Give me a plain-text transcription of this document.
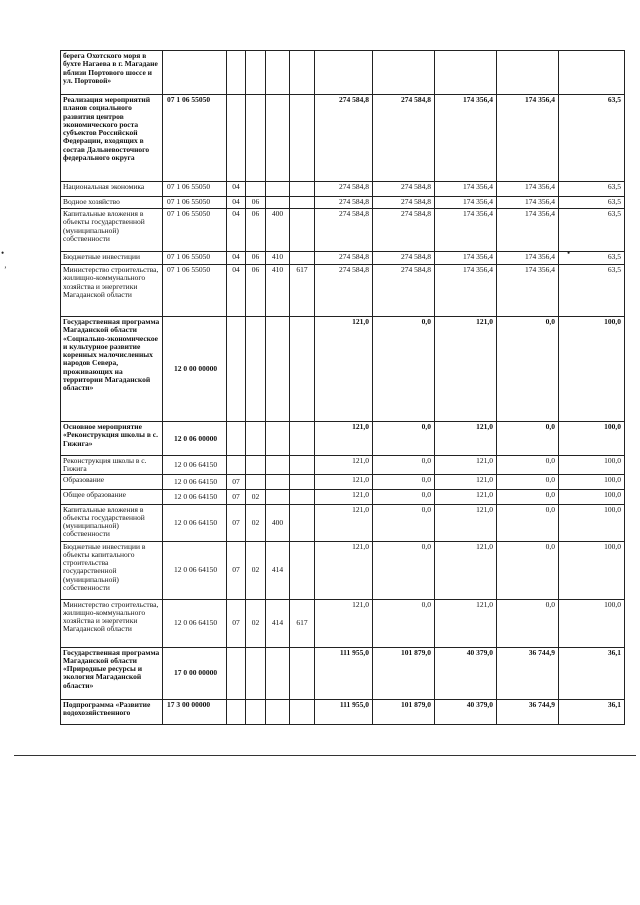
берега Охотского моря в бухте Нагаева в г. Магадане вблизи Портового шоссе и ул. Портовой»										
Реализация мероприятий планов социального развития центров экономического роста субъектов Российской Федерации, входящих в состав Дальневосточного федерального округа	07 1 06 55050					274 584,8	274 584,8	174 356,4	174 356,4	63,5
Национальная экономика	07 1 06 55050	04				274 584,8	274 584,8	174 356,4	174 356,4	63,5
Водное хозяйство	07 1 06 55050	04	06			274 584,8	274 584,8	174 356,4	174 356,4	63,5
Капитальные вложения в объекты государственной (муниципальной) собственности	07 1 06 55050	04	06	400		274 584,8	274 584,8	174 356,4	174 356,4	63,5
Бюджетные инвестиции	07 1 06 55050	04	06	410		274 584,8	274 584,8	174 356,4	174 356,4	63,5
Министерство строительства, жилищно-коммунального хозяйства и энергетики Магаданской области	07 1 06 55050	04	06	410	617	274 584,8	274 584,8	174 356,4	174 356,4	63,5
Государственная программа Магаданской области «Социально-экономическое и культурное развитие коренных малочисленных народов Севера, проживающих на территории Магаданской области»	12 0 00 00000					121,0	0,0	121,0	0,0	100,0
Основное мероприятие «Реконструкция школы в с. Гижига»	12 0 06 00000					121,0	0,0	121,0	0,0	100,0
Реконструкция школы в с. Гижига	12 0 06 64150					121,0	0,0	121,0	0,0	100,0
Образование	12 0 06 64150	07				121,0	0,0	121,0	0,0	100,0
Общее образование	12 0 06 64150	07	02			121,0	0,0	121,0	0,0	100,0
Капитальные вложения в объекты государственной (муниципальной) собственности	12 0 06 64150	07	02	400		121,0	0,0	121,0	0,0	100,0
Бюджетные инвестиции в объекты капитального строительства государственной (муниципальной) собственности	12 0 06 64150	07	02	414		121,0	0,0	121,0	0,0	100,0
Министерство строительства, жилищно-коммунального хозяйства и энергетики Магаданской области	12 0 06 64150	07	02	414	617	121,0	0,0	121,0	0,0	100,0
Государственная программа Магаданской области «Природные ресурсы и экология Магаданской области»	17 0 00 00000					111 955,0	101 879,0	40 379,0	36 744,9	36,1
Подпрограмма «Развитие водохозяйственного	17 3 00 00000					111 955,0	101 879,0	40 379,0	36 744,9	36,1
•
’
•
